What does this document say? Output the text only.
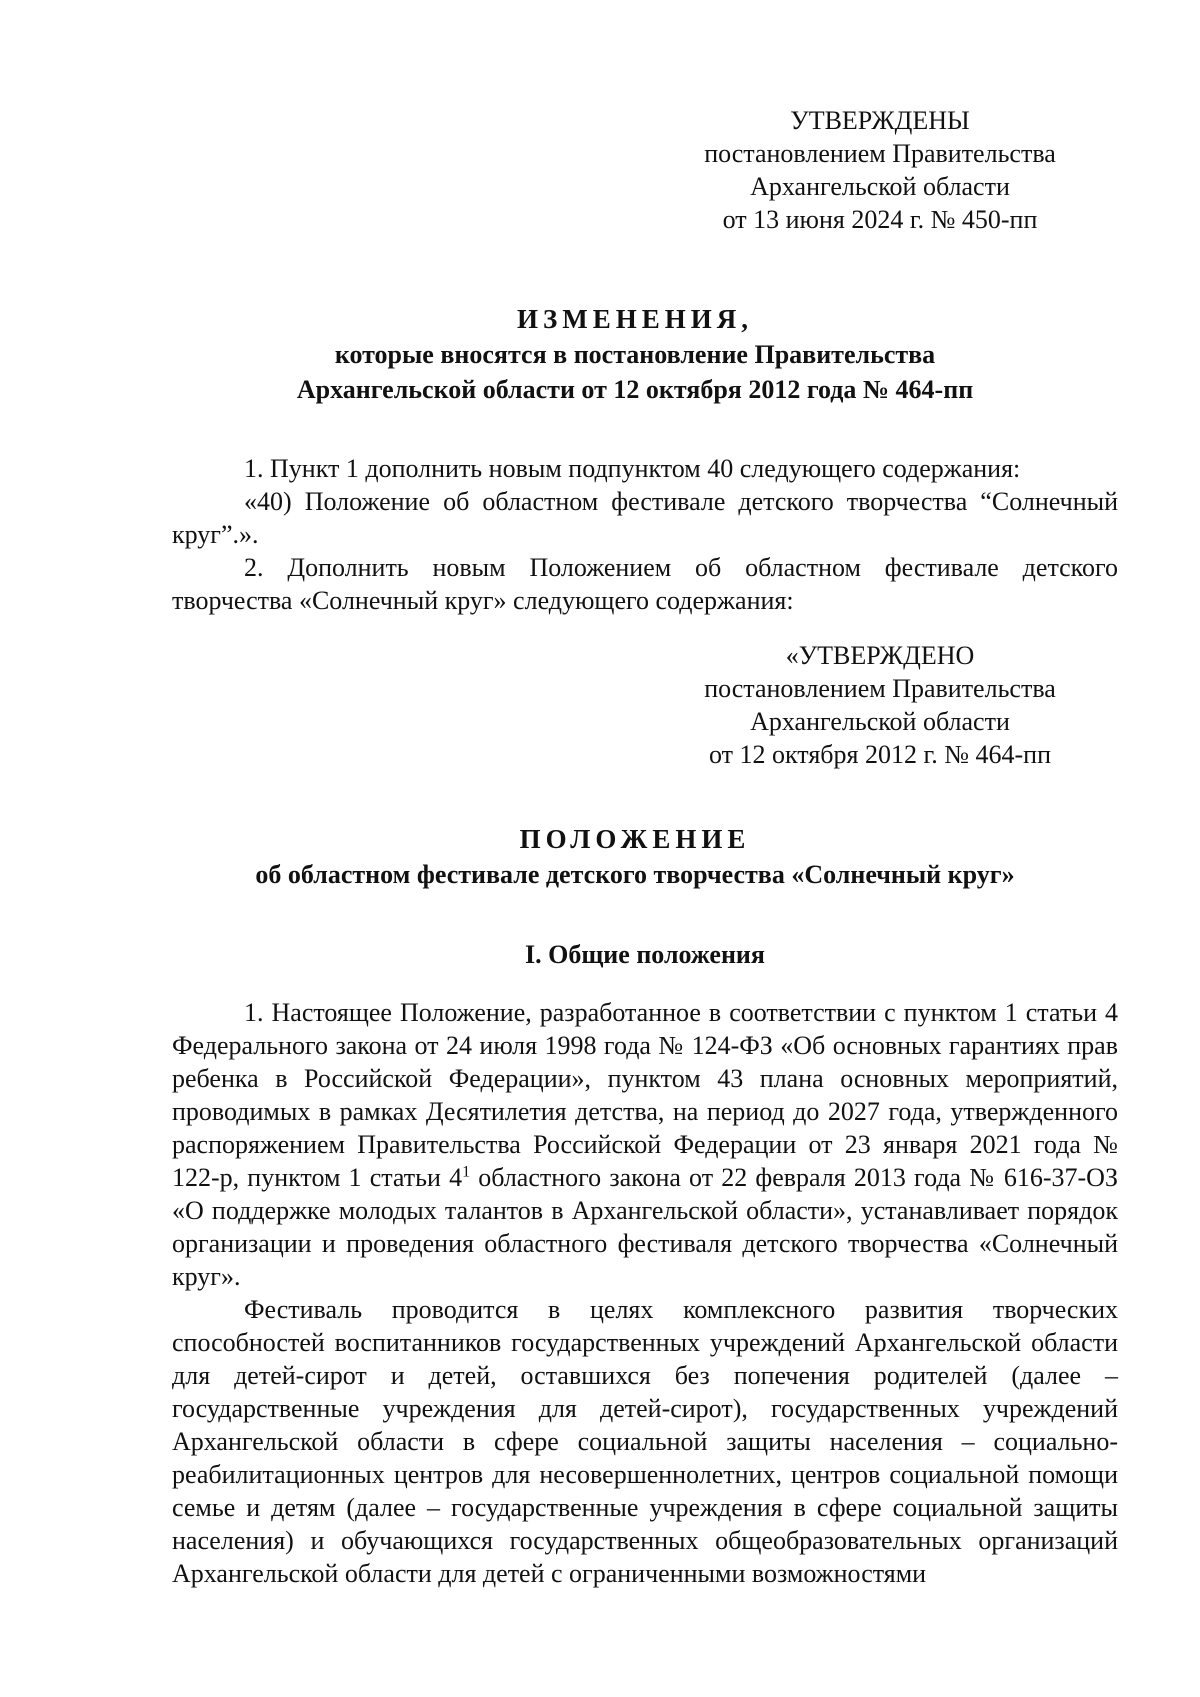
УТВЕРЖДЕНЫ
постановлением Правительства
Архангельской области
от 13 июня 2024 г. № 450-пп
ИЗМЕНЕНИЯ,
которые вносятся в постановление Правительства
Архангельской области от 12 октября 2012 года № 464-пп

1. Пункт 1 дополнить новым подпунктом 40 следующего содержания:

«40) Положение об областном фестивале детского творчества “Солнечный круг”.».

2. Дополнить новым Положением об областном фестивале детского творчества «Солнечный круг» следующего содержания:

«УТВЕРЖДЕНО
постановлением Правительства
Архангельской области
от 12 октября 2012 г. № 464-пп
ПОЛОЖЕНИЕ
об областном фестивале детского творчества «Солнечный круг»
I. Общие положения

1. Настоящее Положение, разработанное в соответствии с пунктом 1 статьи 4 Федерального закона от 24 июля 1998 года № 124-ФЗ «Об основных гарантиях прав ребенка в Российской Федерации», пунктом 43 плана основных мероприятий, проводимых в рамках Десятилетия детства, на период до 2027 года, утвержденного распоряжением Правительства Российской Федерации от 23 января 2021 года № 122-р, пунктом 1 статьи $4^1$ областного закона от 22 февраля 2013 года № 616-37-ОЗ «О поддержке молодых талантов в Архангельской области», устанавливает порядок организации и проведения областного фестиваля детского творчества «Солнечный круг».

Фестиваль проводится в целях комплексного развития творческих способностей воспитанников государственных учреждений Архангельской области для детей-сирот и детей, оставшихся без попечения родителей (далее – государственные учреждения для детей-сирот), государственных учреждений Архангельской области в сфере социальной защиты населения – социально-реабилитационных центров для несовершеннолетних, центров социальной помощи семье и детям (далее – государственные учреждения в сфере социальной защиты населения) и обучающихся государственных общеобразовательных организаций Архангельской области для детей с ограниченными возможностями
